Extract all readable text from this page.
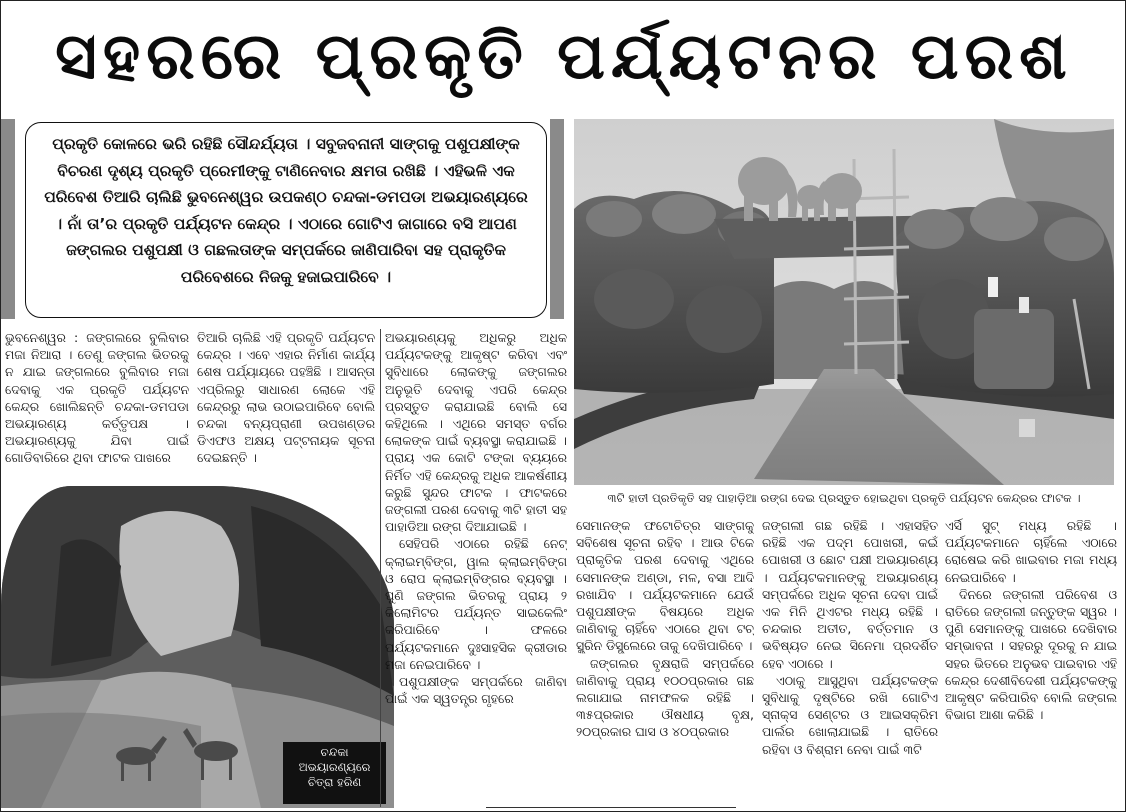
ସହରରେ ପ୍ରକୃତି ପର୍ଯ୍ୟଟନର ପରଶ
ପ୍ରକୃତି କୋଳରେ ଭରି ରହିଛି ସୌନ୍ଦର୍ଯ୍ୟତା । ସବୁଜବନାନୀ ସାଙ୍ଗକୁ ପଶୁପକ୍ଷୀଙ୍କ ବିଚରଣ ଦୃଶ୍ୟ ପ୍ରକୃତି ପ୍ରେମୀଙ୍କୁ ଟାଣିନେବାର କ୍ଷମତା ରଖିଛି । ଏହିଭଳି ଏକ ପରିବେଶ ତିଆରି ଚାଲିଛି ଭୁବନେଶ୍ୱର ଉପକଣ୍ଠ ଚନ୍ଦକା-ଡମପଡା ଅଭୟାରଣ୍ୟରେ । ନାଁ ତା’ର ପ୍ରକୃତି ପର୍ଯ୍ୟଟନ କେନ୍ଦ୍ର । ଏଠାରେ ଗୋଟିଏ ଜାଗାରେ ବସି ଆପଣ ଜଙ୍ଗଲର ପଶୁପକ୍ଷୀ ଓ ଗଛଲତାଙ୍କ ସମ୍ପର୍କରେ ଜାଣିପାରିବା ସହ ପ୍ରାକୃତିକ ପରିବେଶରେ ନିଜକୁ ହଜାଇପାରିବେ ।
୩ଟି ହାତୀ ପ୍ରତିକୃତି ସହ ପାହାଡ଼ିଆ ରଙ୍ଗ ଦେଇ ପ୍ରସ୍ତୁତ ହୋଇଥିବା ପ୍ରକୃତି ପର୍ଯ୍ୟଟନ କେନ୍ଦ୍ରର ଫାଟକ ।
ଚନ୍ଦକା ଅଭୟାରଣ୍ୟରେ ଚିତ୍ରା ହରିଣ

ଭୁବନେଶ୍ୱର : ଜଙ୍ଗଲରେ ବୁଲିବାର ମଜା ନିଆରା । ତେଣୁ ଜଙ୍ଗଲ ଭିତରକୁ ନ ଯାଇ ଜଙ୍ଗଲରେ ବୁଲିବାର ମଜା ଦେବାକୁ ଏକ ପ୍ରକୃତି ପର୍ଯ୍ୟଟନ କେନ୍ଦ୍ର ଖୋଲିଛନ୍ତି ଚନ୍ଦକା-ଡମପଡା ଅଭୟାରଣ୍ୟ କର୍ତ୍ତୃପକ୍ଷ । ଅଭୟାରଣ୍ୟକୁ ଯିବା ପାଇଁ ଗୋଡିବାରିରେ ଥିବା ଫାଟକ ପାଖରେ

ତିଆରି ଚାଲିଛି ଏହି ପ୍ରକୃତି ପର୍ଯ୍ୟଟନ କେନ୍ଦ୍ର । ଏବେ ଏହାର ନିର୍ମାଣ କାର୍ଯ୍ୟ ଶେଷ ପର୍ଯ୍ୟାୟରେ ପହଞ୍ଚିଛି । ଆସନ୍ତା ଏପ୍ରିଲରୁ ସାଧାରଣ ଲୋକେ ଏହି କେନ୍ଦ୍ରରୁ ଲାଭ ଉଠାଇପାରିବେ ବୋଲି ଚନ୍ଦକା ବନ୍ୟପ୍ରାଣୀ ଉପଖଣ୍ଡର ଡିଏଫଓ ଅକ୍ଷୟ ପଟ୍ଟନାୟକ ସୂଚନା ଦେଇଛନ୍ତି ।

ଅଭୟାରଣ୍ୟକୁ ଅଧିକରୁ ଅଧିକ ପର୍ଯ୍ୟଟକଙ୍କୁ ଆକୃଷ୍ଟ କରିବା ଏବଂ ସୁବିଧାରେ ଲୋକଙ୍କୁ ଜଙ୍ଗଲର ଅନୁଭୂତି ଦେବାକୁ ଏପରି କେନ୍ଦ୍ର ପ୍ରସ୍ତୁତ କରାଯାଇଛି ବୋଲି ସେ କହିଥିଲେ । ଏଥିରେ ସମସ୍ତ ବର୍ଗର ଲୋକଙ୍କ ପାଇଁ ବ୍ୟବସ୍ଥା କରାଯାଇଛି । ପ୍ରାୟ ଏକ କୋଟି ଟଙ୍କା ବ୍ୟୟରେ ନିର୍ମିତ ଏହି କେନ୍ଦ୍ରକୁ ଅଧିକ ଆକର୍ଷଣୀୟ କରୁଛି ସୁନ୍ଦର ଫାଟକ । ଫାଟକରେ ଜଙ୍ଗଲୀ ପରଶ ଦେବାକୁ ୩ଟି ହାତୀ ସହ ପାହାଡିଆ ରଙ୍ଗ ଦିଆଯାଇଛି ।

ସେହିପରି ଏଠାରେ ରହିଛି ନେଟ୍ କ୍ଲାଇମ୍ବିଙ୍ଗ, ୱାଲ କ୍ଲାଇମ୍ବିଙ୍ଗ ଓ ରୋପ କ୍ଲାଇମ୍ବିଙ୍ଗର ବ୍ୟବସ୍ଥା । ପୁଣି ଜଙ୍ଗଲ ଭିତରକୁ ପ୍ରାୟ ୨ କିଲୋମିଟର ପର୍ଯ୍ୟନ୍ତ ସାଇକେଲିଂ କରିପାରିବେ । ଫଳରେ ପର୍ଯ୍ୟଟକମାନେ ଦୁଃସାହସିକ କ୍ରୀଡାର ମଜା ନେଇପାରିବେ ।

ପଶୁପକ୍ଷୀଙ୍କ ସମ୍ପର୍କରେ ଜାଣିବା ପାଇଁ ଏକ ସ୍ୱତନ୍ତ୍ର ଗୃହରେ

ସେମାନଙ୍କ ଫଟୋଚିତ୍ର ସାଙ୍ଗକୁ ସବିଶେଷ ସୂଚନା ରହିବ । ଆଉ ଟିକେ ପ୍ରାକୃତିକ ପରଶ ଦେବାକୁ ଏଥିରେ ସେମାନଙ୍କ ଅଣ୍ଡା, ମଳ, ବସା ଆଦି ରଖାଯିବ । ପର୍ଯ୍ୟଟକମାନେ ଯେଉଁ ପଶୁପକ୍ଷୀଙ୍କ ବିଷୟରେ ଅଧିକ ଜାଣିବାକୁ ଚାହିଁବେ ଏଠାରେ ଥିବା ଟଚ୍ ସ୍କ୍ରିନ ଡିସ୍ପ୍ଲେରେ ତାକୁ ଦେଖିପାରିବେ ।

ଜଙ୍ଗଲର ବୃକ୍ଷରାଜି ସମ୍ପର୍କରେ ଜାଣିବାକୁ ପ୍ରାୟ ୧୦୦ପ୍ରକାର ଗଛ ଲଗାଯାଇ ନାମଫଳକ ରହିଛି । ୩୫ପ୍ରକାର ଔଷଧୀୟ ବୃକ୍ଷ, ୨୦ପ୍ରକାର ଘାସ ଓ ୪୦ପ୍ରକାର

ଜଙ୍ଗଲୀ ଗଛ ରହିଛି । ଏହାସହିତ ରହିଛି ଏକ ପଦ୍ମ ପୋଖରୀ, କଇଁ ପୋଖରୀ ଓ ଛୋଟ ପକ୍ଷୀ ଅଭୟାରଣ୍ୟ । ପର୍ଯ୍ୟଟକମାନଙ୍କୁ ଅଭୟାରଣ୍ୟ ସମ୍ପର୍କରେ ଅଧିକ ସୂଚନା ଦେବା ପାଇଁ ଏକ ମିନି ଥିଏଟର ମଧ୍ୟ ରହିଛି । ଚନ୍ଦକାର ଅତୀତ, ବର୍ତ୍ତମାନ ଓ ଭବିଷ୍ୟତ ନେଇ ସିନେମା ପ୍ରଦର୍ଶିତ ହେବ ଏଠାରେ ।

ଏଠାକୁ ଆସୁଥିବା ପର୍ଯ୍ୟଟକଙ୍କ ସୁବିଧାକୁ ଦୃଷ୍ଟିରେ ରଖି ଗୋଟିଏ ସ୍ନାକ୍ସ ସେଣ୍ଟର ଓ ଆଇସକ୍ରିମ ପାର୍ଲର ଖୋଲାଯାଇଛି । ରାତିରେ ରହିବା ଓ ବିଶ୍ରାମ ନେବା ପାଇଁ ୩ଟି

ଏର୍ସି ସୁଟ୍ ମଧ୍ୟ ରହିଛି । ପର୍ଯ୍ୟଟକମାନେ ଚାହିଁଲେ ଏଠାରେ ରୋଷେଇ କରି ଖାଇବାର ମଜା ମଧ୍ୟ ନେଇପାରିବେ ।

ଦିନରେ ଜଙ୍ଗଲୀ ପରିବେଶ ଓ ରାତିରେ ଜଙ୍ଗଲୀ ଜନ୍ତୁଙ୍କ ସ୍ୱର । ପୁଣି ସେମାନଙ୍କୁ ପାଖରେ ଦେଖିବାର ସମ୍ଭାବନା । ସହରରୁ ଦୂରକୁ ନ ଯାଇ ସହର ଭିତରେ ଅନୁଭବ ପାଇବାର ଏହି କେନ୍ଦ୍ର ଦେଶୀବିଦେଶୀ ପର୍ଯ୍ୟଟକଙ୍କୁ ଆକୃଷ୍ଟ କରିପାରିବ ବୋଲି ଜଙ୍ଗଲ ବିଭାଗ ଆଶା କରିଛି ।
